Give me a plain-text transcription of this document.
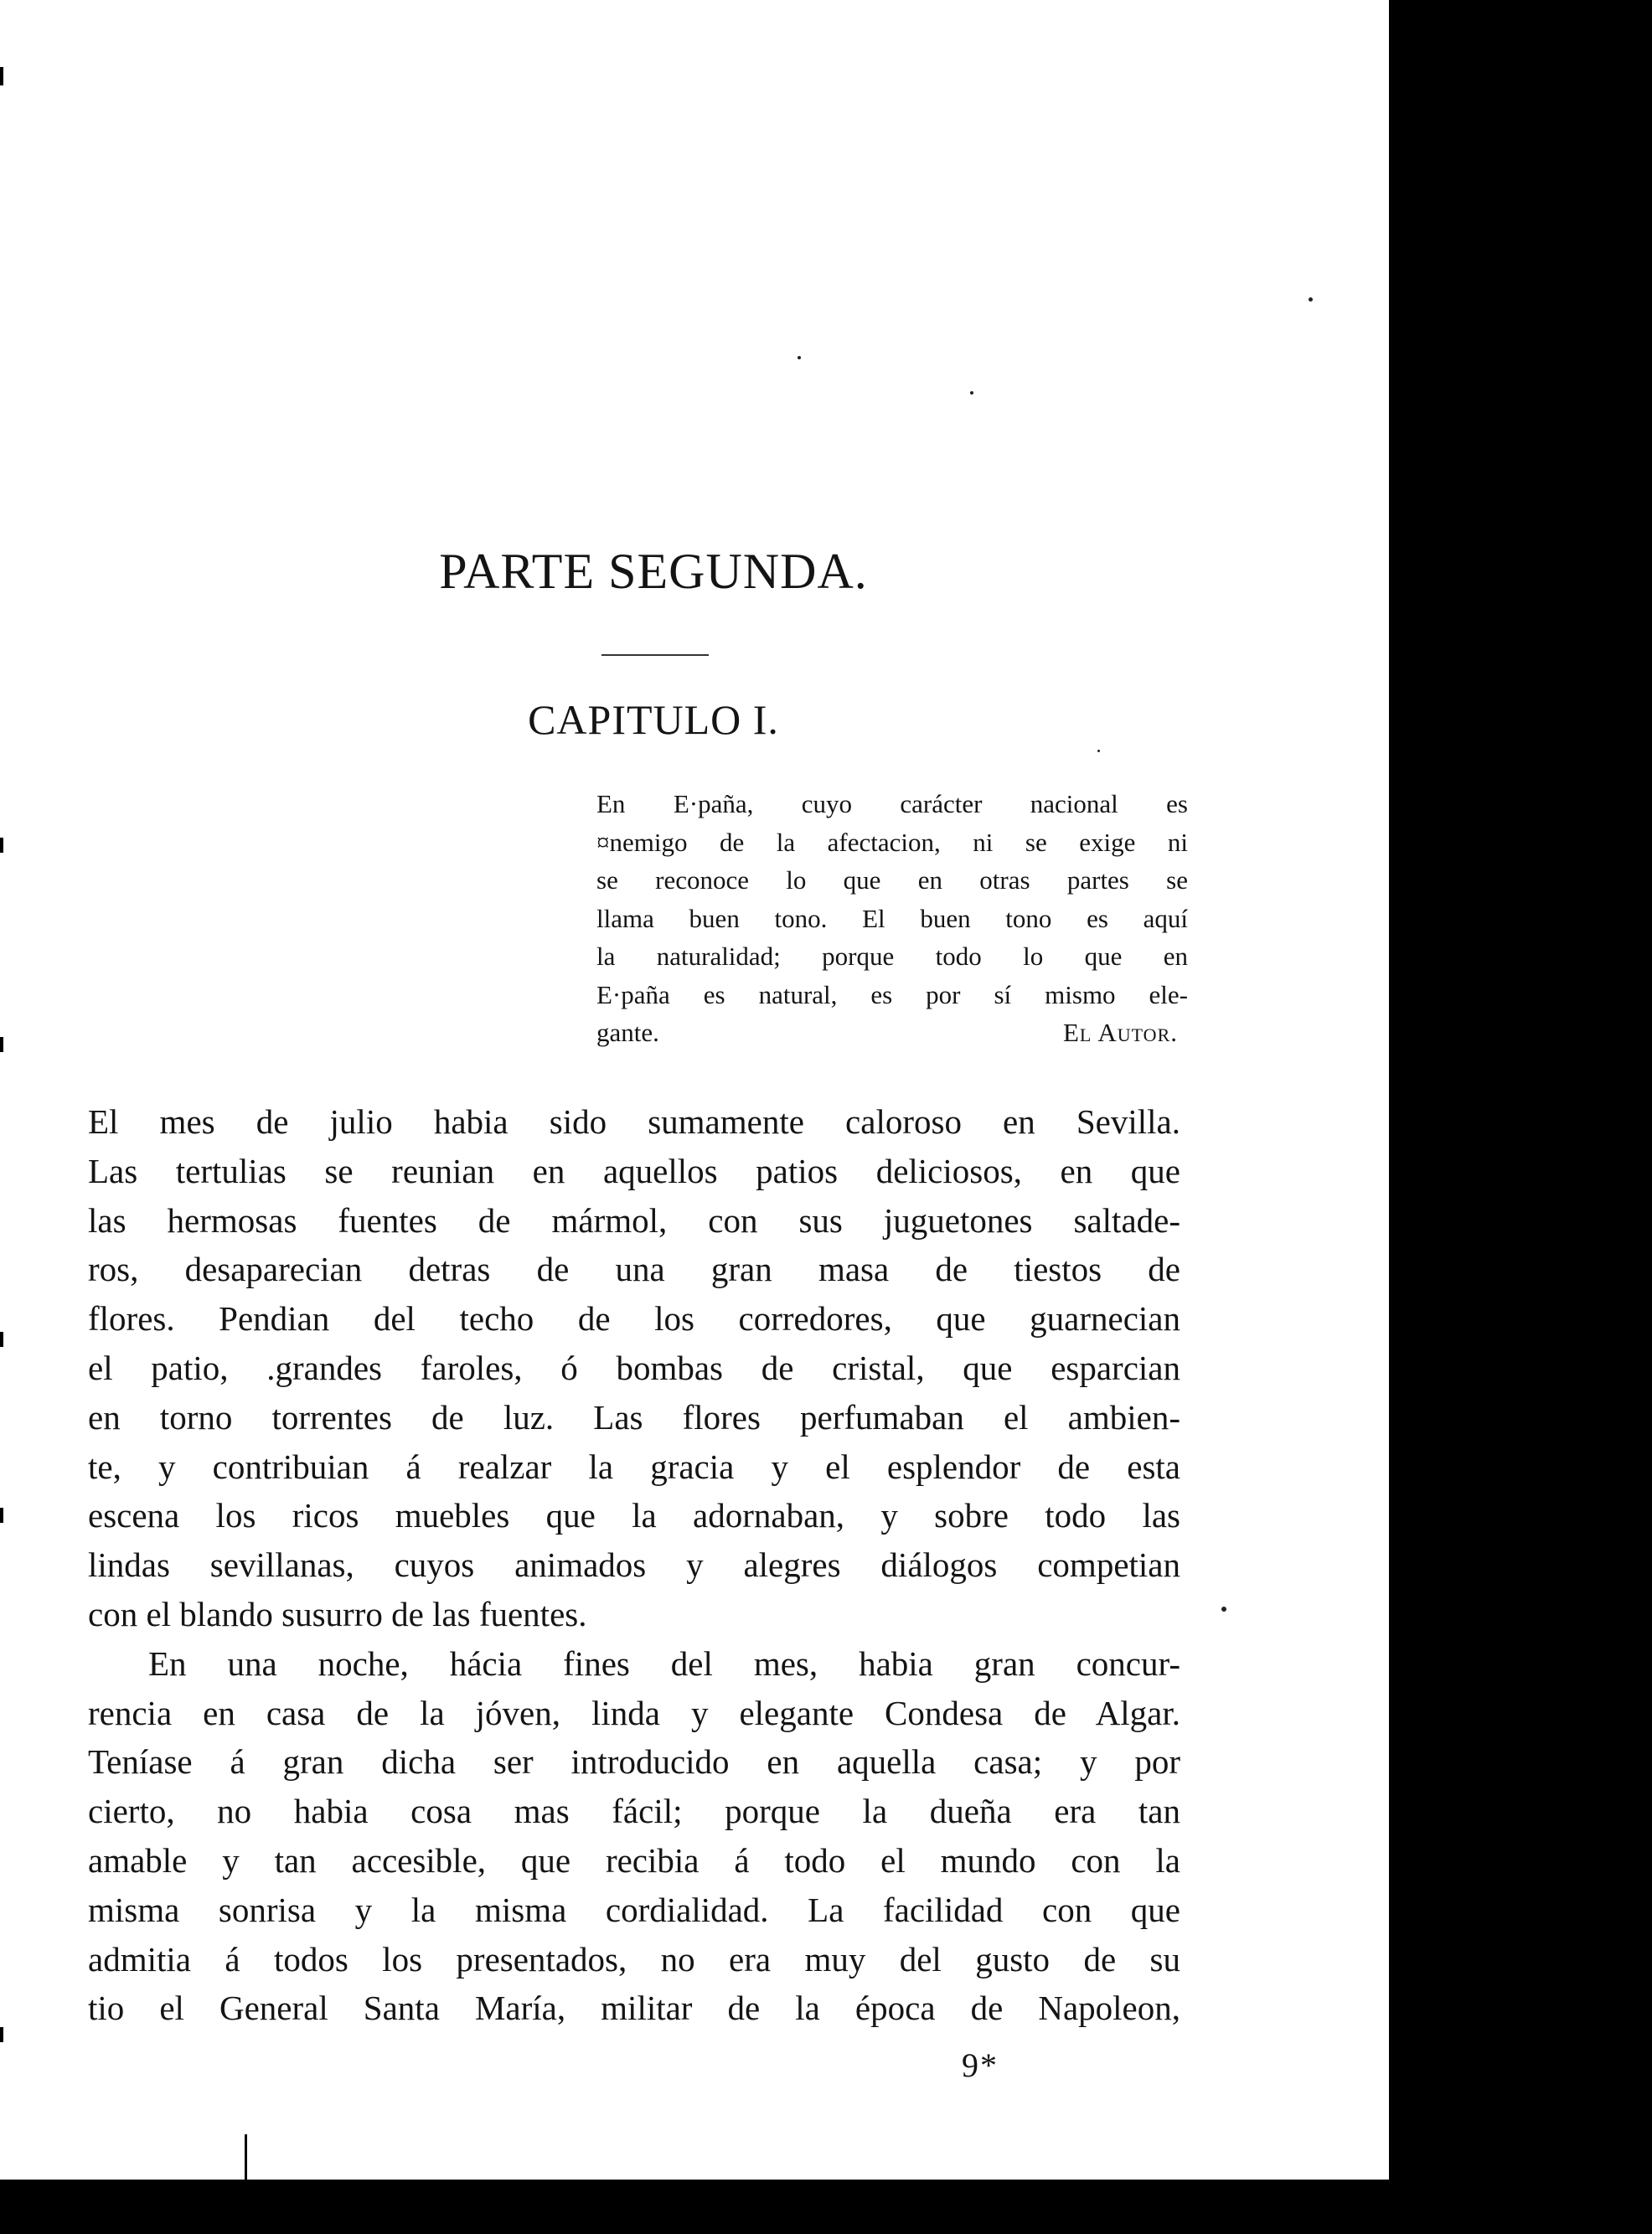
PARTE SEGUNDA.
CAPITULO I.
En E·paña, cuyo carácter nacional es
¤nemigo de la afectacion, ni se exige ni
se reconoce lo que en otras partes se
llama buen tono. El buen tono es aquí
la naturalidad; porque todo lo que en
E·paña es natural, es por sí mismo ele-
gante.	El Autor.
El mes de julio habia sido sumamente caloroso en Sevilla.
Las tertulias se reunian en aquellos patios deliciosos, en que
las hermosas fuentes de mármol, con sus juguetones saltade-
ros, desaparecian detras de una gran masa de tiestos de
flores. Pendian del techo de los corredores, que guarnecian
el patio, .grandes faroles, ó bombas de cristal, que esparcian
en torno torrentes de luz. Las flores perfumaban el ambien-
te, y contribuian á realzar la gracia y el esplendor de esta
escena los ricos muebles que la adornaban, y sobre todo las
lindas sevillanas, cuyos animados y alegres diálogos competian
con el blando susurro de las fuentes.
En una noche, hácia fines del mes, habia gran concur-
rencia en casa de la jóven, linda y elegante Condesa de Algar.
Teníase á gran dicha ser introducido en aquella casa; y por
cierto, no habia cosa mas fácil; porque la dueña era tan
amable y tan accesible, que recibia á todo el mundo con la
misma sonrisa y la misma cordialidad. La facilidad con que
admitia á todos los presentados, no era muy del gusto de su
tio el General Santa María, militar de la época de Napoleon,
9*
